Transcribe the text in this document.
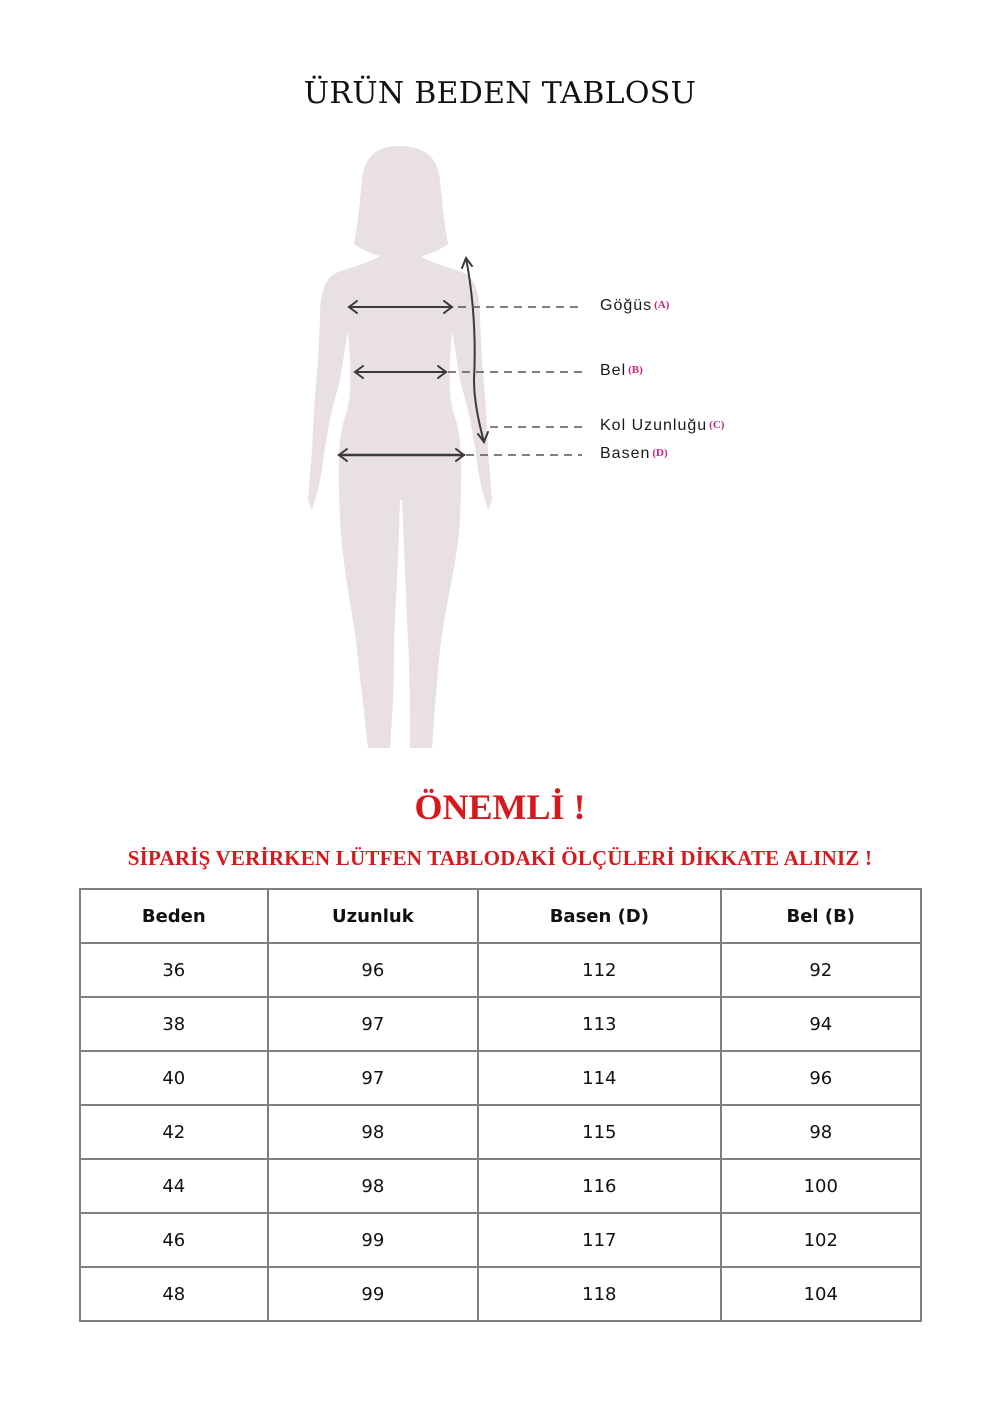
ÜRÜN BEDEN TABLOSU
Göğüs (A)
Bel (B)
Kol Uzunluğu (C)
Basen (D)
ÖNEMLİ !
SİPARİŞ VERİRKEN LÜTFEN TABLODAKİ ÖLÇÜLERİ DİKKATE ALINIZ !
Beden	Uzunluk	Basen (D)	Bel (B)
36	96	112	92
38	97	113	94
40	97	114	96
42	98	115	98
44	98	116	100
46	99	117	102
48	99	118	104
